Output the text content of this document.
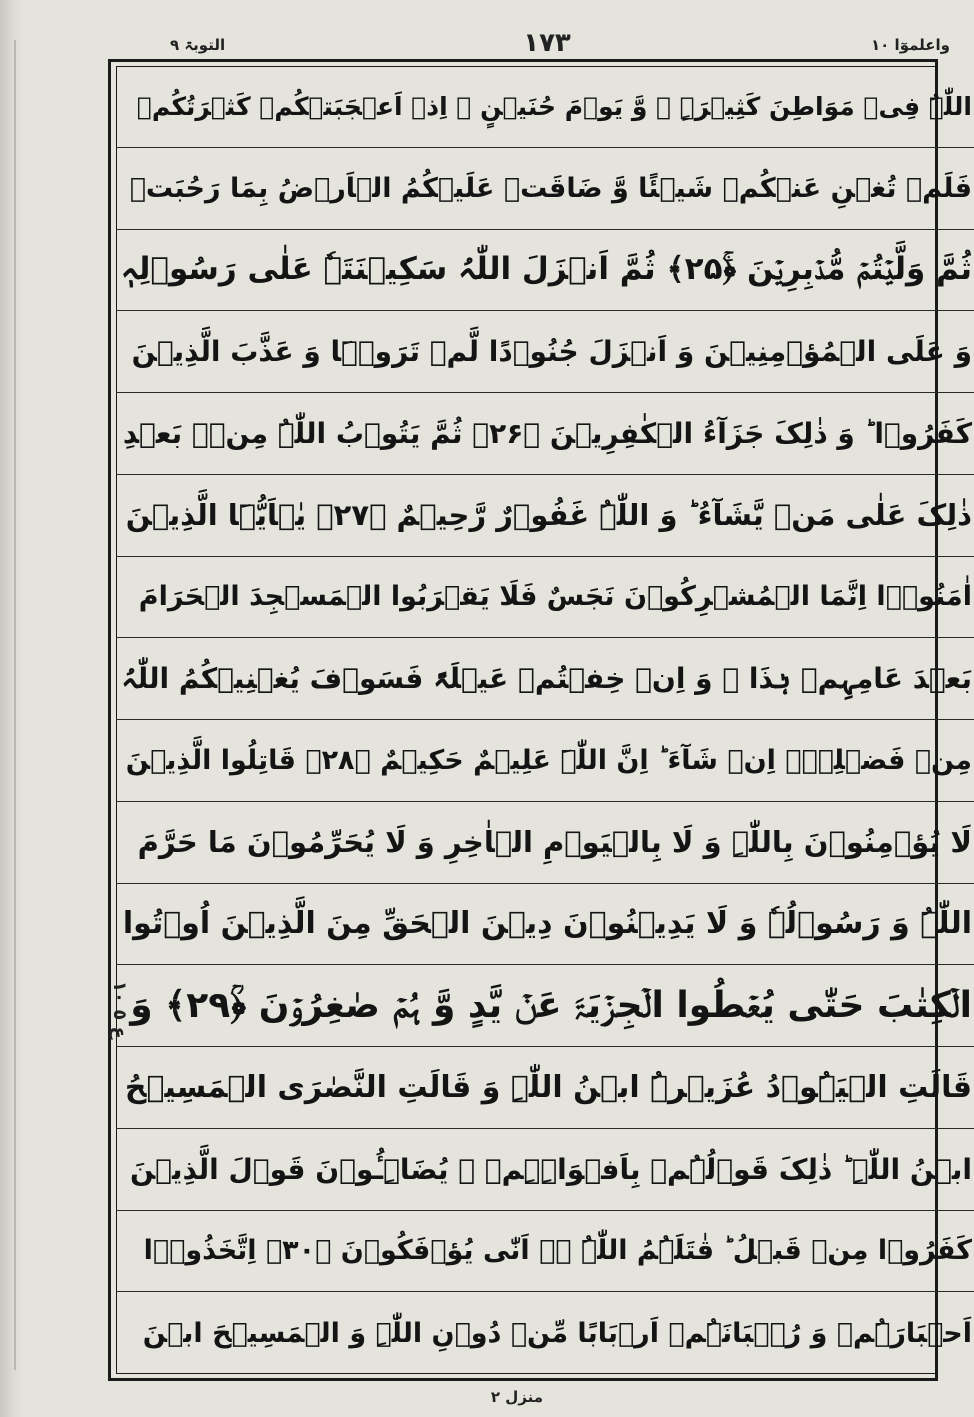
واعلموٓا ١٠
١٧٣
التوبۃ ٩
اللّٰہُ فِیۡ مَوَاطِنَ کَثِیۡرَۃٍ ۙ وَّ یَوۡمَ حُنَیۡنٍ ۙ اِذۡ اَعۡجَبَتۡکُمۡ کَثۡرَتُکُمۡ
فَلَمۡ تُغۡنِ عَنۡکُمۡ شَیۡئًا وَّ ضَاقَتۡ عَلَیۡکُمُ الۡاَرۡضُ بِمَا رَحُبَتۡ
ثُمَّ وَلَّیۡتُمۡ مُّدۡبِرِیۡنَ ﴿ۚ۲۵﴾ ثُمَّ اَنۡزَلَ اللّٰہُ سَکِیۡنَتَہٗ عَلٰی رَسُوۡلِہٖ
وَ عَلَی الۡمُؤۡمِنِیۡنَ وَ اَنۡزَلَ جُنُوۡدًا لَّمۡ تَرَوۡہَا وَ عَذَّبَ الَّذِیۡنَ
کَفَرُوۡا ؕ وَ ذٰلِکَ جَزَآءُ الۡکٰفِرِیۡنَ ﴿۲۶﴾ ثُمَّ یَتُوۡبُ اللّٰہُ مِنۡۢ بَعۡدِ
ذٰلِکَ عَلٰی مَنۡ یَّشَآءُ ؕ وَ اللّٰہُ غَفُوۡرٌ رَّحِیۡمٌ ﴿۲۷﴾ یٰۤاَیُّہَا الَّذِیۡنَ
اٰمَنُوۡۤا اِنَّمَا الۡمُشۡرِکُوۡنَ نَجَسٌ فَلَا یَقۡرَبُوا الۡمَسۡجِدَ الۡحَرَامَ
بَعۡدَ عَامِہِمۡ ہٰذَا ۚ وَ اِنۡ خِفۡتُمۡ عَیۡلَۃً فَسَوۡفَ یُغۡنِیۡکُمُ اللّٰہُ
مِنۡ فَضۡلِہٖۤ اِنۡ شَآءَ ؕ اِنَّ اللّٰہَ عَلِیۡمٌ حَکِیۡمٌ ﴿۲۸﴾ قَاتِلُوا الَّذِیۡنَ
لَا یُؤۡمِنُوۡنَ بِاللّٰہِ وَ لَا بِالۡیَوۡمِ الۡاٰخِرِ وَ لَا یُحَرِّمُوۡنَ مَا حَرَّمَ
اللّٰہُ وَ رَسُوۡلُہٗ وَ لَا یَدِیۡنُوۡنَ دِیۡنَ الۡحَقِّ مِنَ الَّذِیۡنَ اُوۡتُوا
الۡکِتٰبَ حَتّٰی یُعۡطُوا الۡجِزۡیَۃَ عَنۡ یَّدٍ وَّ ہُمۡ صٰغِرُوۡنَ ﴿ؒ۲۹﴾ وَ
قَالَتِ الۡیَہُوۡدُ عُزَیۡرُۨ ابۡنُ اللّٰہِ وَ قَالَتِ النَّصٰرَی الۡمَسِیۡحُ
ابۡنُ اللّٰہِ ؕ ذٰلِکَ قَوۡلُہُمۡ بِاَفۡوَاہِہِمۡ ۚ یُضَاہِـُٔوۡنَ قَوۡلَ الَّذِیۡنَ
کَفَرُوۡا مِنۡ قَبۡلُ ؕ قٰتَلَہُمُ اللّٰہُ ۚ۫ اَنّٰی یُؤۡفَکُوۡنَ ﴿۳۰﴾ اِتَّخَذُوۡۤا
اَحۡبَارَہُمۡ وَ رُہۡبَانَہُمۡ اَرۡبَابًا مِّنۡ دُوۡنِ اللّٰہِ وَ الۡمَسِیۡحَ ابۡنَ
ع ٥ ١٠
منزل ٢
